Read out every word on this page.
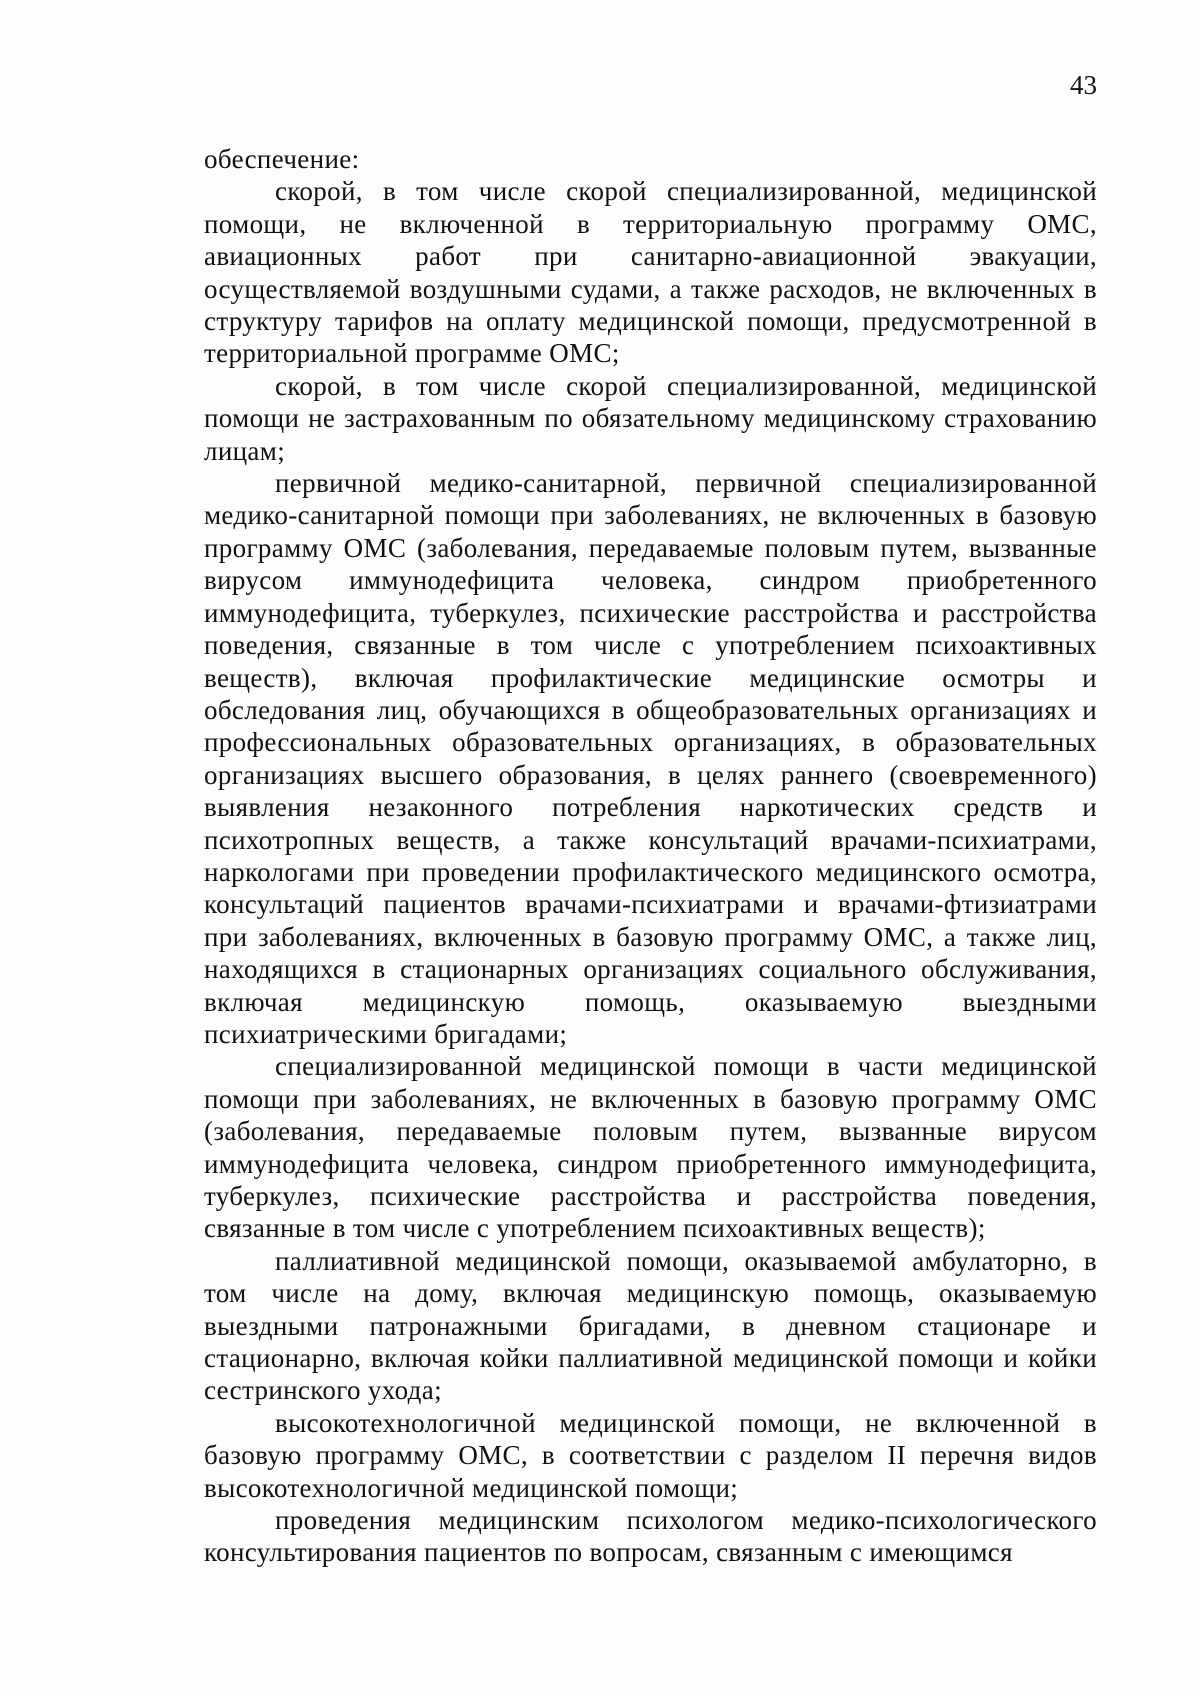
43

обеспечение:

скорой, в том числе скорой специализированной, медицинской помощи, не включенной в территориальную программу ОМС, авиационных работ при санитарно-авиационной эвакуации, осуществляемой воздушными судами, а также расходов, не включенных в структуру тарифов на оплату медицинской помощи, предусмотренной в территориальной программе ОМС;

скорой, в том числе скорой специализированной, медицинской помощи не застрахованным по обязательному медицинскому страхованию лицам;

первичной медико-санитарной, первичной специализированной медико-санитарной помощи при заболеваниях, не включенных в базовую программу ОМС (заболевания, передаваемые половым путем, вызванные вирусом иммунодефицита человека, синдром приобретенного иммунодефицита, туберкулез, психические расстройства и расстройства поведения, связанные в том числе с употреблением психоактивных веществ), включая профилактические медицинские осмотры и обследования лиц, обучающихся в общеобразовательных организациях и профессиональных образовательных организациях, в образовательных организациях высшего образования, в целях раннего (своевременного) выявления незаконного потребления наркотических средств и психотропных веществ, а также консультаций врачами-психиатрами, наркологами при проведении профилактического медицинского осмотра, консультаций пациентов врачами-психиатрами и врачами-фтизиатрами при заболеваниях, включенных в базовую программу ОМС, а также лиц, находящихся в стационарных организациях социального обслуживания, включая медицинскую помощь, оказываемую выездными психиатрическими бригадами;

специализированной медицинской помощи в части медицинской помощи при заболеваниях, не включенных в базовую программу ОМС (заболевания, передаваемые половым путем, вызванные вирусом иммунодефицита человека, синдром приобретенного иммунодефицита, туберкулез, психические расстройства и расстройства поведения, связанные в том числе с употреблением психоактивных веществ);

паллиативной медицинской помощи, оказываемой амбулаторно, в том числе на дому, включая медицинскую помощь, оказываемую выездными патронажными бригадами, в дневном стационаре и стационарно, включая койки паллиативной медицинской помощи и койки сестринского ухода;

высокотехнологичной медицинской помощи, не включенной в базовую программу ОМС, в соответствии с разделом II перечня видов высокотехнологичной медицинской помощи;

проведения медицинским психологом медико-психологического консультирования пациентов по вопросам, связанным с имеющимся
